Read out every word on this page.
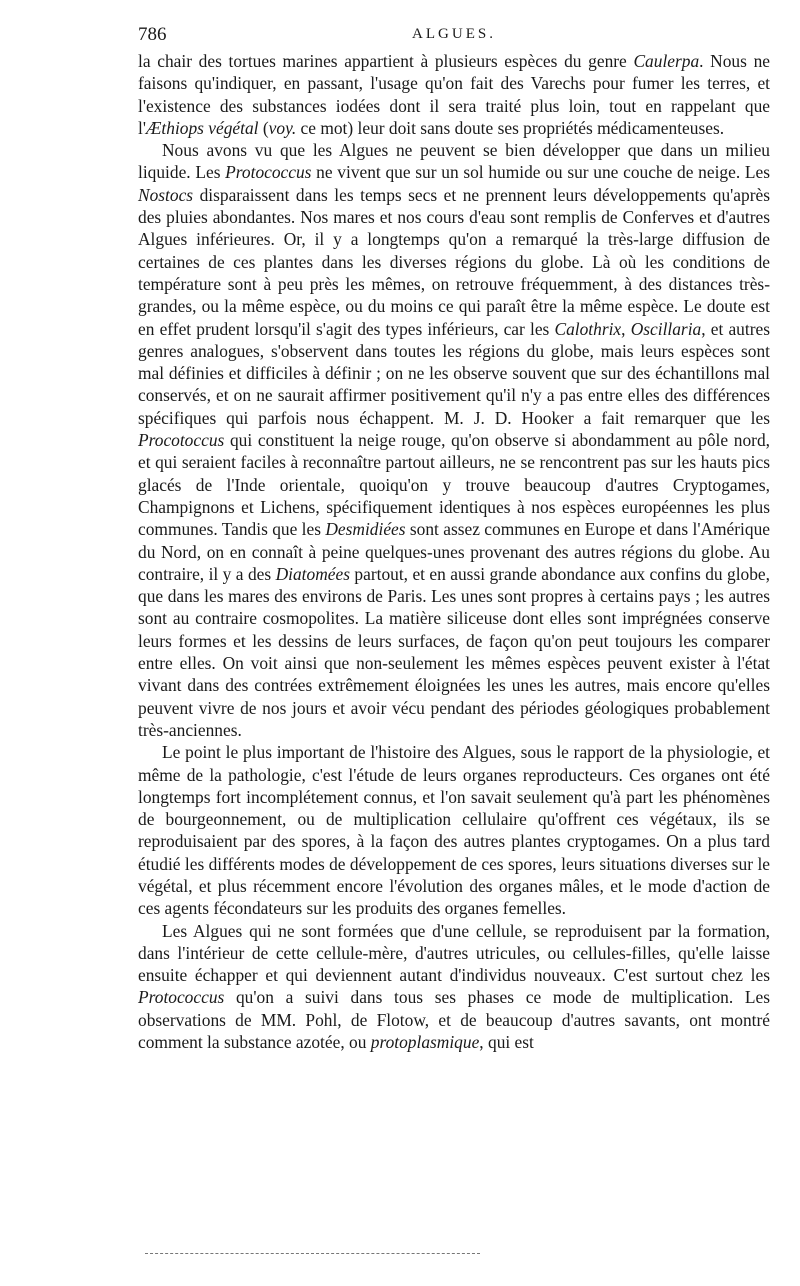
786	ALGUES.

la chair des tortues marines appartient à plusieurs espèces du genre Caulerpa. Nous ne faisons qu'indiquer, en passant, l'usage qu'on fait des Varechs pour fumer les terres, et l'existence des substances iodées dont il sera traité plus loin, tout en rappelant que l'Æthiops végétal (voy. ce mot) leur doit sans doute ses propriétés médicamenteuses.

Nous avons vu que les Algues ne peuvent se bien développer que dans un milieu liquide. Les Protococcus ne vivent que sur un sol humide ou sur une couche de neige. Les Nostocs disparaissent dans les temps secs et ne prennent leurs développements qu'après des pluies abondantes. Nos mares et nos cours d'eau sont remplis de Conferves et d'autres Algues inférieures. Or, il y a longtemps qu'on a remarqué la très-large diffusion de certaines de ces plantes dans les diverses régions du globe. Là où les conditions de température sont à peu près les mêmes, on retrouve fréquemment, à des distances très-grandes, ou la même espèce, ou du moins ce qui paraît être la même espèce. Le doute est en effet prudent lorsqu'il s'agit des types inférieurs, car les Calothrix, Oscillaria, et autres genres analogues, s'observent dans toutes les régions du globe, mais leurs espèces sont mal définies et difficiles à définir ; on ne les observe souvent que sur des échantillons mal conservés, et on ne saurait affirmer positivement qu'il n'y a pas entre elles des différences spécifiques qui parfois nous échappent. M. J. D. Hooker a fait remarquer que les Procotoccus qui constituent la neige rouge, qu'on observe si abondamment au pôle nord, et qui seraient faciles à reconnaître partout ailleurs, ne se rencontrent pas sur les hauts pics glacés de l'Inde orientale, quoiqu'on y trouve beaucoup d'autres Cryptogames, Champignons et Lichens, spécifiquement identiques à nos espèces européennes les plus communes. Tandis que les Desmidiées sont assez communes en Europe et dans l'Amérique du Nord, on en connaît à peine quelques-unes provenant des autres régions du globe. Au contraire, il y a des Diatomées partout, et en aussi grande abondance aux confins du globe, que dans les mares des environs de Paris. Les unes sont propres à certains pays ; les autres sont au contraire cosmopolites. La matière siliceuse dont elles sont imprégnées conserve leurs formes et les dessins de leurs surfaces, de façon qu'on peut toujours les comparer entre elles. On voit ainsi que non-seulement les mêmes espèces peuvent exister à l'état vivant dans des contrées extrêmement éloignées les unes les autres, mais encore qu'elles peuvent vivre de nos jours et avoir vécu pendant des périodes géologiques probablement très-anciennes.

Le point le plus important de l'histoire des Algues, sous le rapport de la physiologie, et même de la pathologie, c'est l'étude de leurs organes reproducteurs. Ces organes ont été longtemps fort incomplétement connus, et l'on savait seulement qu'à part les phénomènes de bourgeonnement, ou de multiplication cellulaire qu'offrent ces végétaux, ils se reproduisaient par des spores, à la façon des autres plantes cryptogames. On a plus tard étudié les différents modes de développement de ces spores, leurs situations diverses sur le végétal, et plus récemment encore l'évolution des organes mâles, et le mode d'action de ces agents fécondateurs sur les produits des organes femelles.

Les Algues qui ne sont formées que d'une cellule, se reproduisent par la formation, dans l'intérieur de cette cellule-mère, d'autres utricules, ou cellules-filles, qu'elle laisse ensuite échapper et qui deviennent autant d'individus nouveaux. C'est surtout chez les Protococcus qu'on a suivi dans tous ses phases ce mode de multiplication. Les observations de MM. Pohl, de Flotow, et de beaucoup d'autres savants, ont montré comment la substance azotée, ou protoplasmique, qui est
